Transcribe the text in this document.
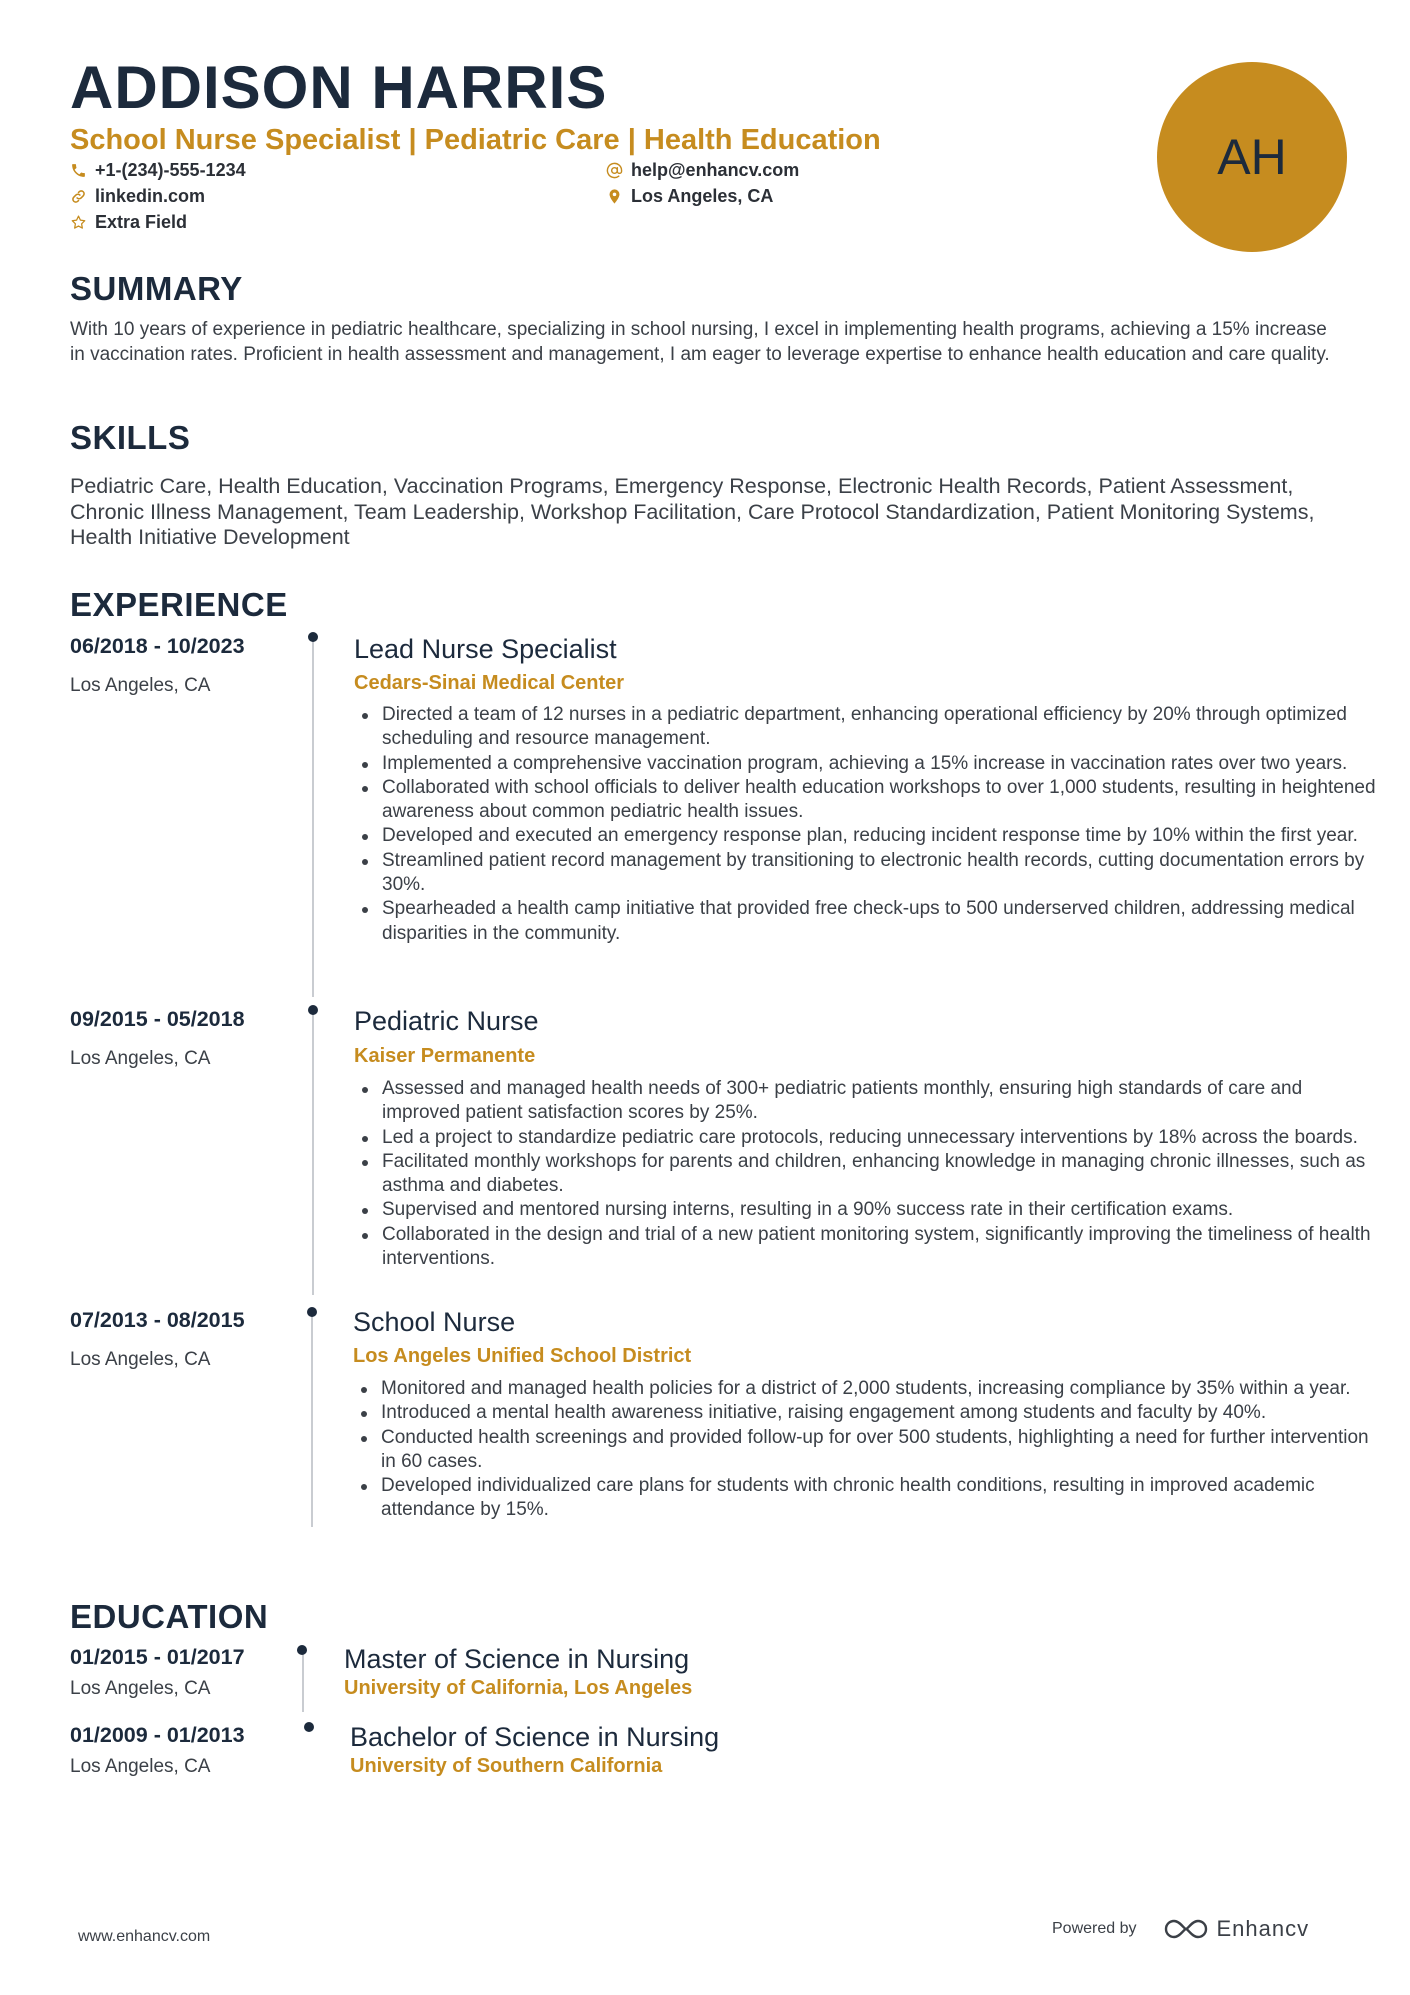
ADDISON HARRIS
School Nurse Specialist | Pediatric Care | Health Education
+1-(234)-555-1234	help@enhancv.com
linkedin.com	Los Angeles, CA
Extra Field
AH
SUMMARY

With 10 years of experience in pediatric healthcare, specializing in school nursing, I excel in implementing health programs, achieving a 15% increase in vaccination rates. Proficient in health assessment and management, I am eager to leverage expertise to enhance health education and care quality.

SKILLS

Pediatric Care, Health Education, Vaccination Programs, Emergency Response, Electronic Health Records, Patient Assessment, Chronic Illness Management, Team Leadership, Workshop Facilitation, Care Protocol Standardization, Patient Monitoring Systems, Health Initiative Development

EXPERIENCE
06/2018 - 10/2023
Los Angeles, CA
Lead Nurse Specialist
Cedars-Sinai Medical Center
Directed a team of 12 nurses in a pediatric department, enhancing operational efficiency by 20% through optimized scheduling and resource management.
Implemented a comprehensive vaccination program, achieving a 15% increase in vaccination rates over two years.
Collaborated with school officials to deliver health education workshops to over 1,000 students, resulting in heightened awareness about common pediatric health issues.
Developed and executed an emergency response plan, reducing incident response time by 10% within the first year.
Streamlined patient record management by transitioning to electronic health records, cutting documentation errors by 30%.
Spearheaded a health camp initiative that provided free check-ups to 500 underserved children, addressing medical disparities in the community.
09/2015 - 05/2018
Los Angeles, CA
Pediatric Nurse
Kaiser Permanente
Assessed and managed health needs of 300+ pediatric patients monthly, ensuring high standards of care and improved patient satisfaction scores by 25%.
Led a project to standardize pediatric care protocols, reducing unnecessary interventions by 18% across the boards.
Facilitated monthly workshops for parents and children, enhancing knowledge in managing chronic illnesses, such as asthma and diabetes.
Supervised and mentored nursing interns, resulting in a 90% success rate in their certification exams.
Collaborated in the design and trial of a new patient monitoring system, significantly improving the timeliness of health interventions.
07/2013 - 08/2015
Los Angeles, CA
School Nurse
Los Angeles Unified School District
Monitored and managed health policies for a district of 2,000 students, increasing compliance by 35% within a year.
Introduced a mental health awareness initiative, raising engagement among students and faculty by 40%.
Conducted health screenings and provided follow-up for over 500 students, highlighting a need for further intervention in 60 cases.
Developed individualized care plans for students with chronic health conditions, resulting in improved academic attendance by 15%.
EDUCATION
01/2015 - 01/2017
Los Angeles, CA
Master of Science in Nursing
University of California, Los Angeles
01/2009 - 01/2013
Los Angeles, CA
Bachelor of Science in Nursing
University of Southern California
www.enhancv.com	Powered by	Enhancv
